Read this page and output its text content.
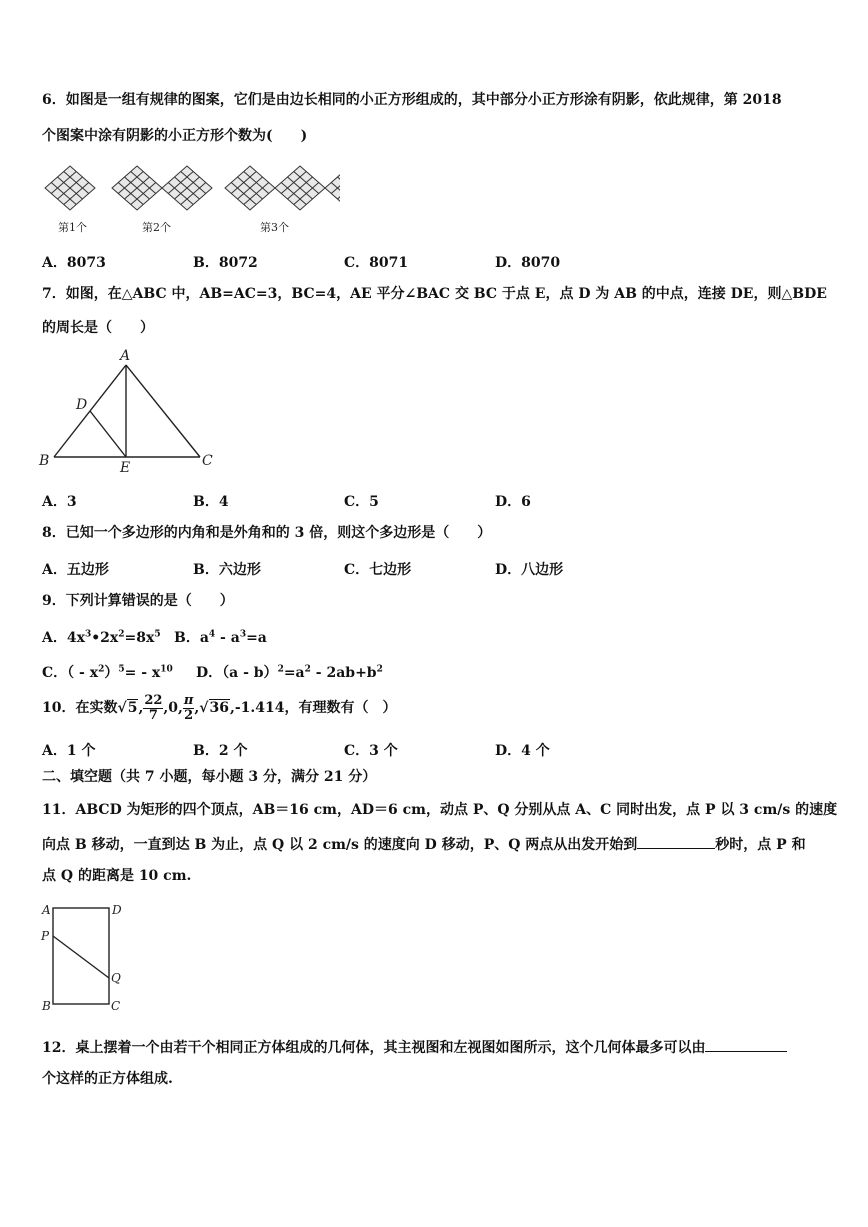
6．如图是一组有规律的图案，它们是由边长相同的小正方形组成的，其中部分小正方形涂有阴影，依此规律，第 2018
个图案中涂有阴影的小正方形个数为(　　)
第1个	第2个	第3个
A．8073	B．8072	C．8071	D．8070
7．如图，在△ABC 中，AB=AC=3，BC=4，AE 平分∠BAC 交 BC 于点 E，点 D 为 AB 的中点，连接 DE，则△BDE
的周长是（　　）
A
D
B	E	C
A．3	B．4	C．5	D．6
8．已知一个多边形的内角和是外角和的 3 倍，则这个多边形是（　　）
A．五边形	B．六边形	C．七边形	D．八边形
9．下列计算错误的是（　　）
A．$4x^3•2x^2=8x^5$ B．$a^4 - a^3=a$
C．（ - $x^2)^5= - x^{10}$ D．$(a - b)^2=a^2 - 2ab+b^2$
10．在实数√5, $\frac{22}{7} ,0$, $\frac{\pi}{2} ,√36,-1.414$，有理数有（　）
A．1 个	B．2 个	C．3 个	D．4 个
二、填空题（共 7 小题，每小题 3 分，满分 21 分）
11．ABCD 为矩形的四个顶点，AB＝16 cm，AD＝6 cm，动点 P、Q 分别从点 A、C 同时出发，点 P 以 3 cm/s 的速度
向点 B 移动，一直到达 B 为止，点 Q 以 2 cm/s 的速度向 D 移动，P、Q 两点从出发开始到	秒时，点 P 和
点 Q 的距离是 10 cm.
A	D
P
Q
B	C
12．桌上摆着一个由若干个相同正方体组成的几何体，其主视图和左视图如图所示，这个几何体最多可以由
个这样的正方体组成.
